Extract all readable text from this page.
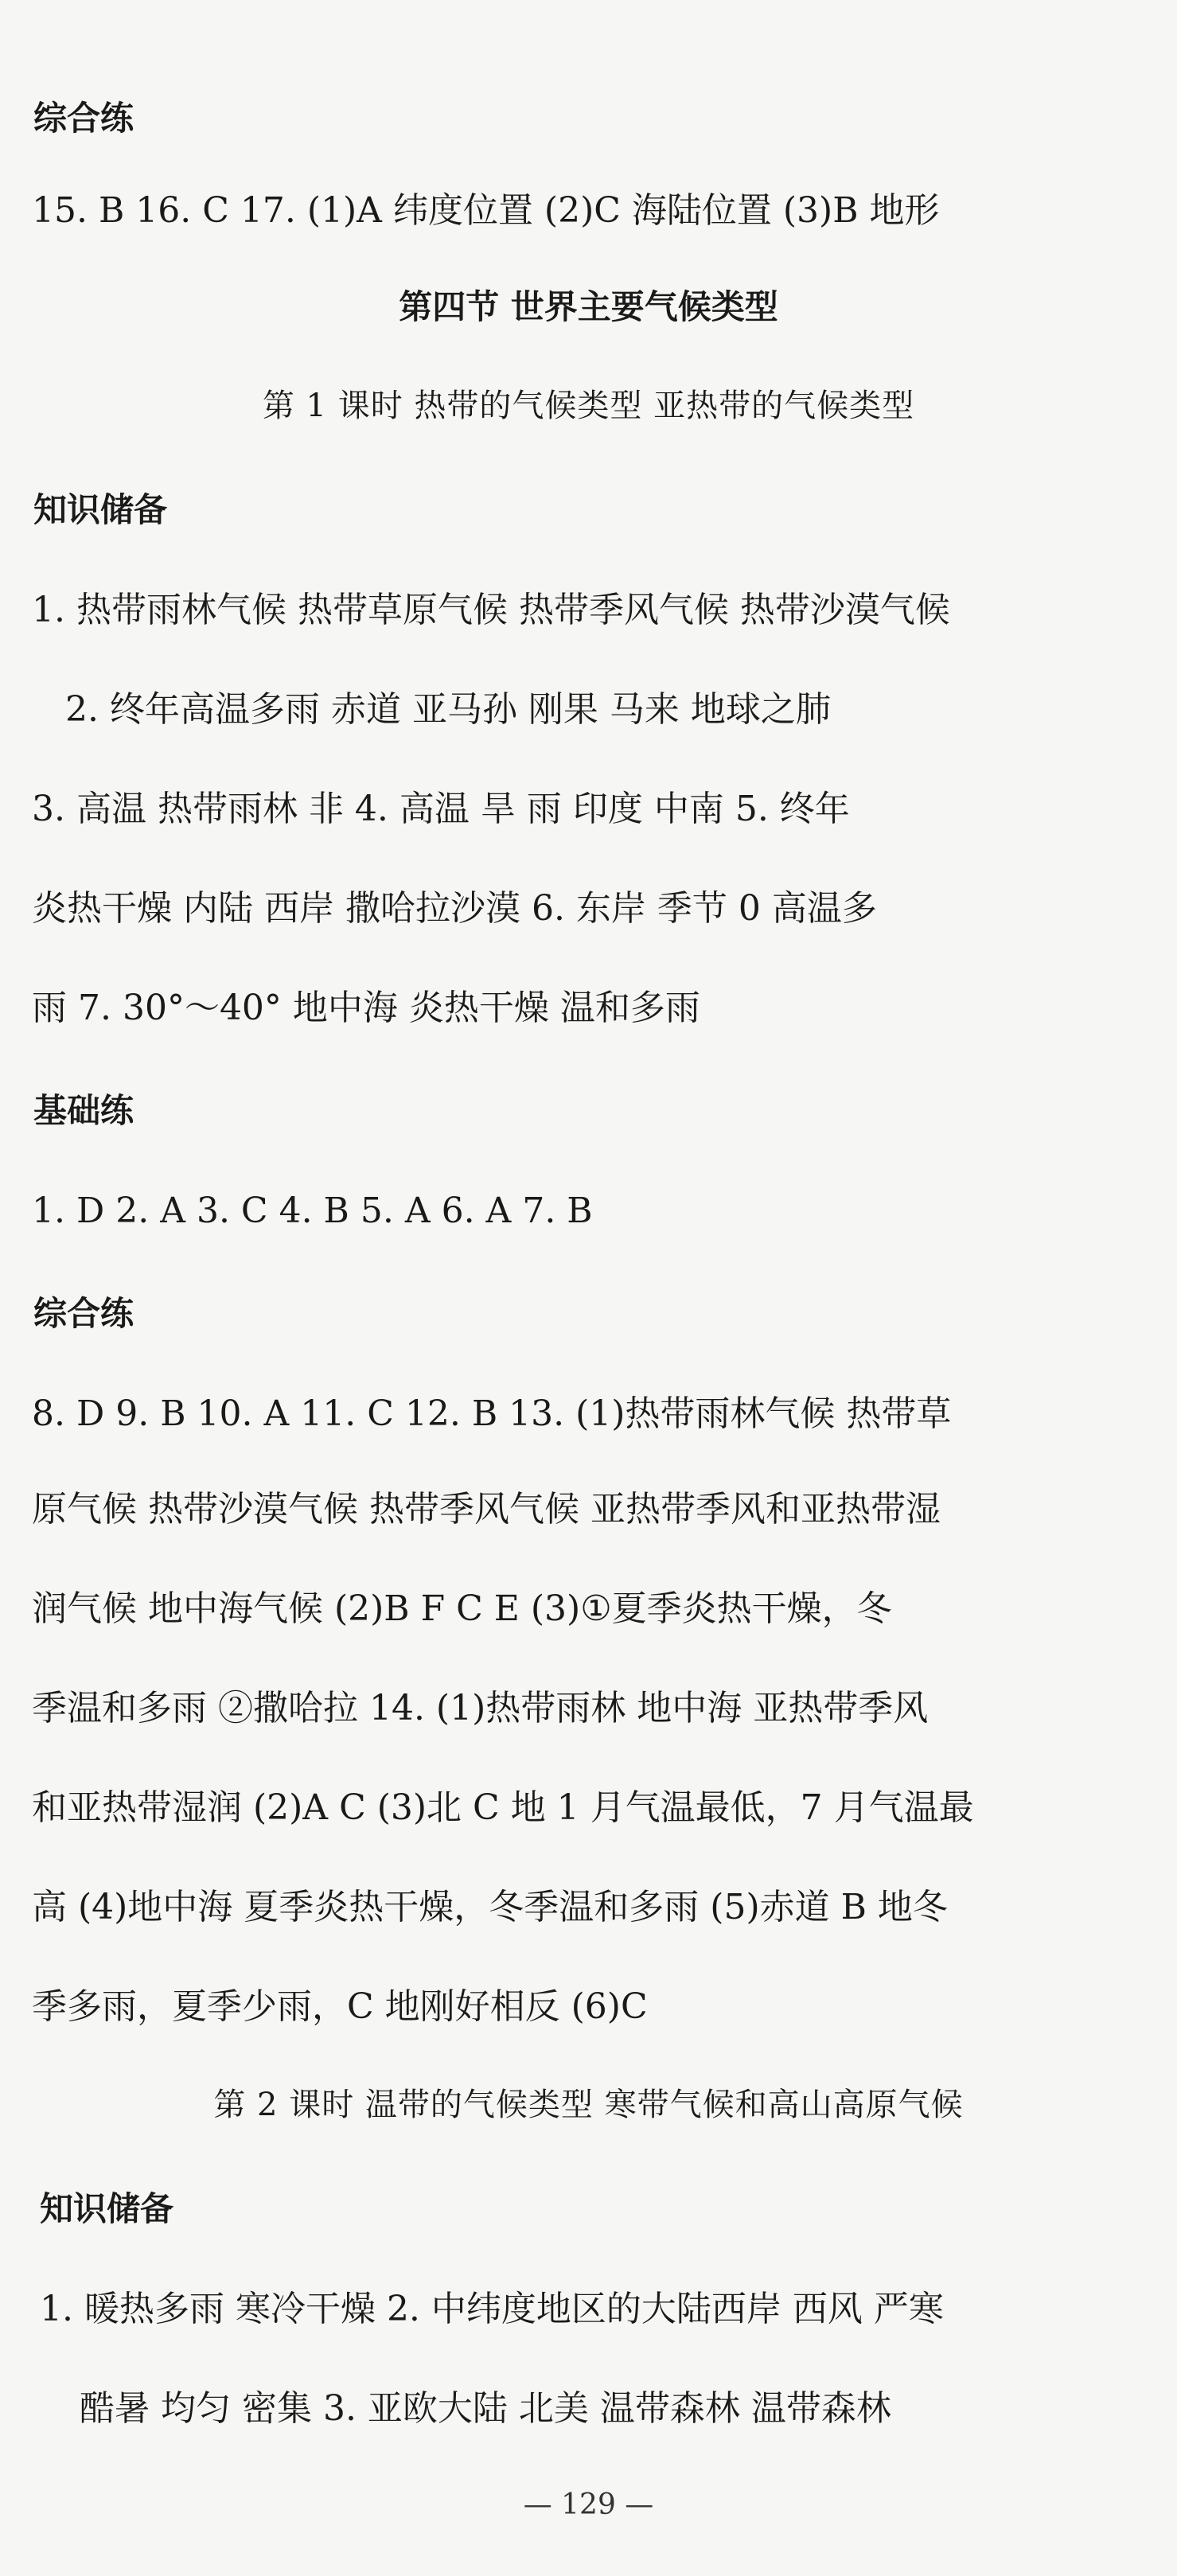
综合练
15. B 16. C 17. (1)A 纬度位置 (2)C 海陆位置 (3)B 地形
第四节 世界主要气候类型
第 1 课时 热带的气候类型 亚热带的气候类型
知识储备
1. 热带雨林气候 热带草原气候 热带季风气候 热带沙漠气候
2. 终年高温多雨 赤道 亚马孙 刚果 马来 地球之肺
3. 高温 热带雨林 非 4. 高温 旱 雨 印度 中南 5. 终年
炎热干燥 内陆 西岸 撒哈拉沙漠 6. 东岸 季节 0 高温多
雨 7. 30°～40° 地中海 炎热干燥 温和多雨
基础练
1. D 2. A 3. C 4. B 5. A 6. A 7. B
综合练
8. D 9. B 10. A 11. C 12. B 13. (1)热带雨林气候 热带草
原气候 热带沙漠气候 热带季风气候 亚热带季风和亚热带湿
润气候 地中海气候 (2)B F C E (3)①夏季炎热干燥，冬
季温和多雨 ②撒哈拉 14. (1)热带雨林 地中海 亚热带季风
和亚热带湿润 (2)A C (3)北 C 地 1 月气温最低，7 月气温最
高 (4)地中海 夏季炎热干燥，冬季温和多雨 (5)赤道 B 地冬
季多雨，夏季少雨，C 地刚好相反 (6)C
第 2 课时 温带的气候类型 寒带气候和高山高原气候
知识储备
1. 暖热多雨 寒冷干燥 2. 中纬度地区的大陆西岸 西风 严寒
酷暑 均匀 密集 3. 亚欧大陆 北美 温带森林 温带森林
— 129 —
